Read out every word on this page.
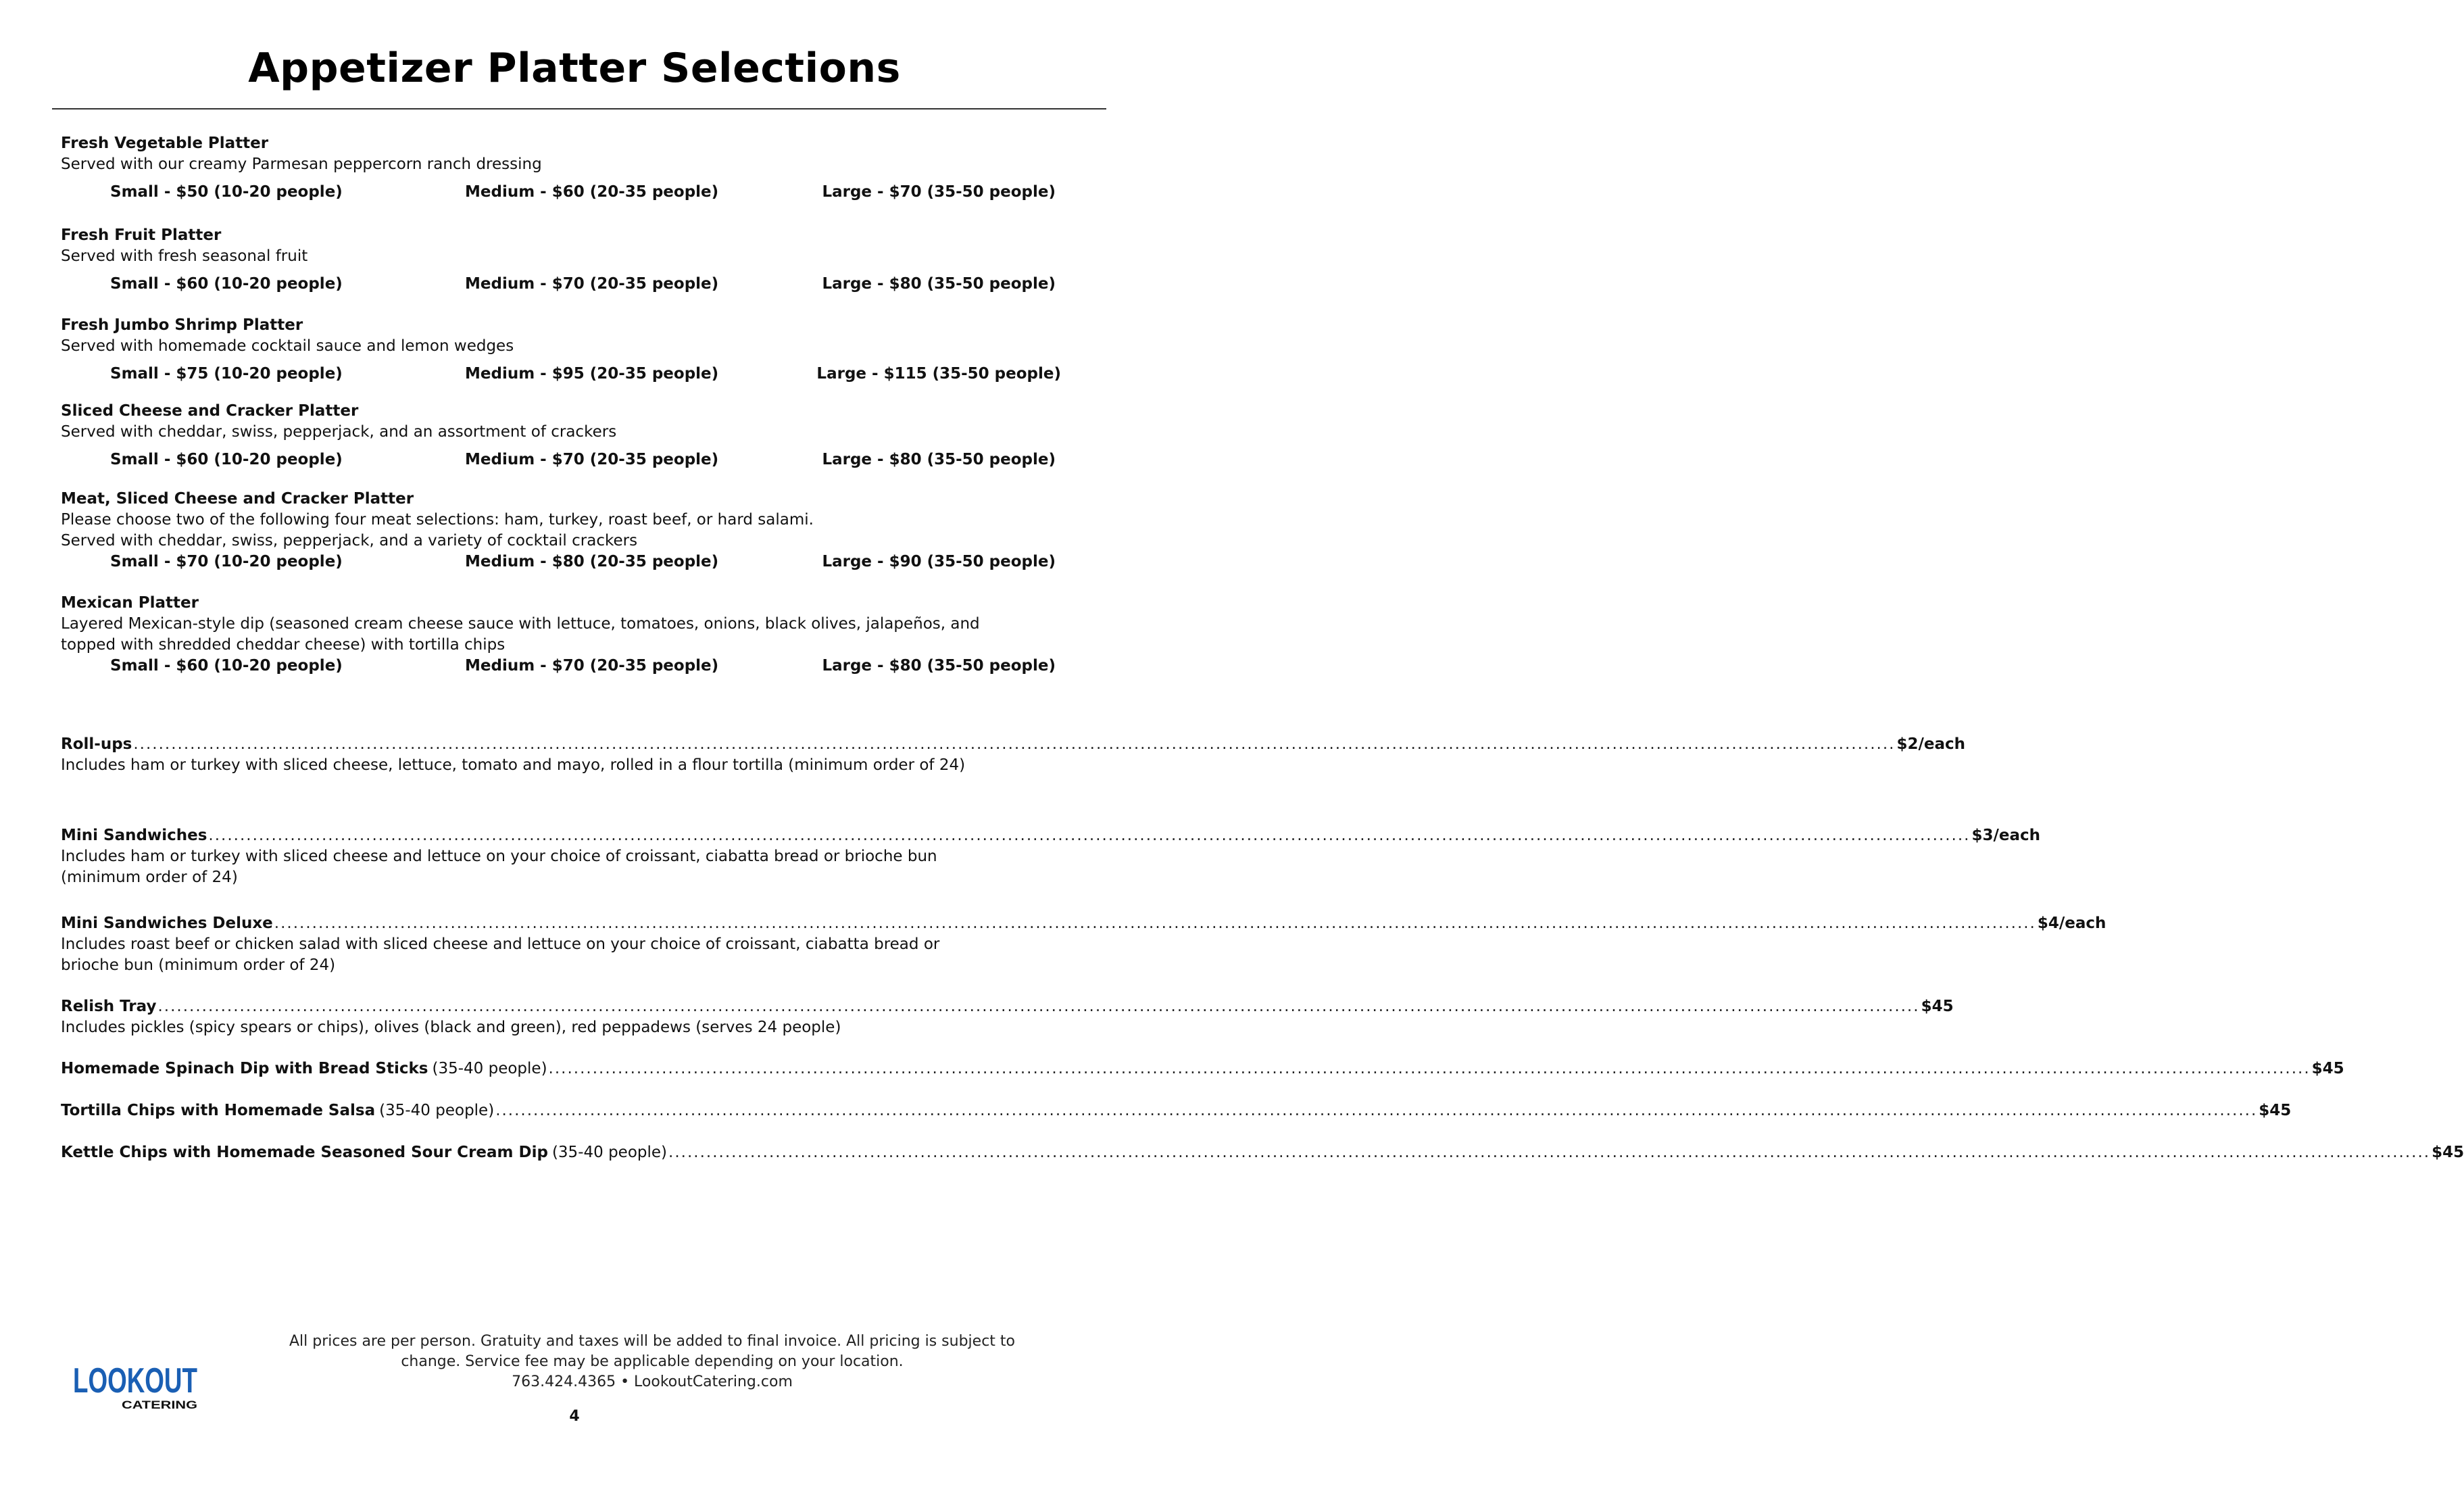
Appetizer Platter Selections
Fresh Vegetable Platter
Served with our creamy Parmesan peppercorn ranch dressing
Small - $50 (10-20 people)	Medium - $60 (20-35 people)	Large - $70 (35-50 people)
Fresh Fruit Platter
Served with fresh seasonal fruit
Small - $60 (10-20 people)	Medium - $70 (20-35 people)	Large - $80 (35-50 people)
Fresh Jumbo Shrimp Platter
Served with homemade cocktail sauce and lemon wedges
Small - $75 (10-20 people)	Medium - $95 (20-35 people)	Large - $115 (35-50 people)
Sliced Cheese and Cracker Platter
Served with cheddar, swiss, pepperjack, and an assortment of crackers
Small - $60 (10-20 people)	Medium - $70 (20-35 people)	Large - $80 (35-50 people)
Meat, Sliced Cheese and Cracker Platter
Please choose two of the following four meat selections: ham, turkey, roast beef, or hard salami.
Served with cheddar, swiss, pepperjack, and a variety of cocktail crackers
Small - $70 (10-20 people)	Medium - $80 (20-35 people)	Large - $90 (35-50 people)
Mexican Platter
Layered Mexican-style dip (seasoned cream cheese sauce with lettuce, tomatoes, onions, black olives, jalapeños, and
topped with shredded cheddar cheese) with tortilla chips
Small - $60 (10-20 people)	Medium - $70 (20-35 people)	Large - $80 (35-50 people)
Roll-ups .....	$2/each
Includes ham or turkey with sliced cheese, lettuce, tomato and mayo, rolled in a flour tortilla (minimum order of 24)
Mini Sandwiches .....	$3/each
Includes ham or turkey with sliced cheese and lettuce on your choice of croissant, ciabatta bread or brioche bun
(minimum order of 24)
Mini Sandwiches Deluxe .....	$4/each
Includes roast beef or chicken salad with sliced cheese and lettuce on your choice of croissant, ciabatta bread or
brioche bun (minimum order of 24)
Relish Tray .....	$45
Includes pickles (spicy spears or chips), olives (black and green), red peppadews (serves 24 people)
Homemade Spinach Dip with Bread Sticks (35-40 people) .....	$45
Tortilla Chips with Homemade Salsa (35-40 people) .....	$45
Kettle Chips with Homemade Seasoned Sour Cream Dip (35-40 people) .....	$45
LOOKOUT
CATERING
All prices are per person. Gratuity and taxes will be added to final invoice. All pricing is subject to
change. Service fee may be applicable depending on your location.
763.424.4365 • LookoutCatering.com
4
